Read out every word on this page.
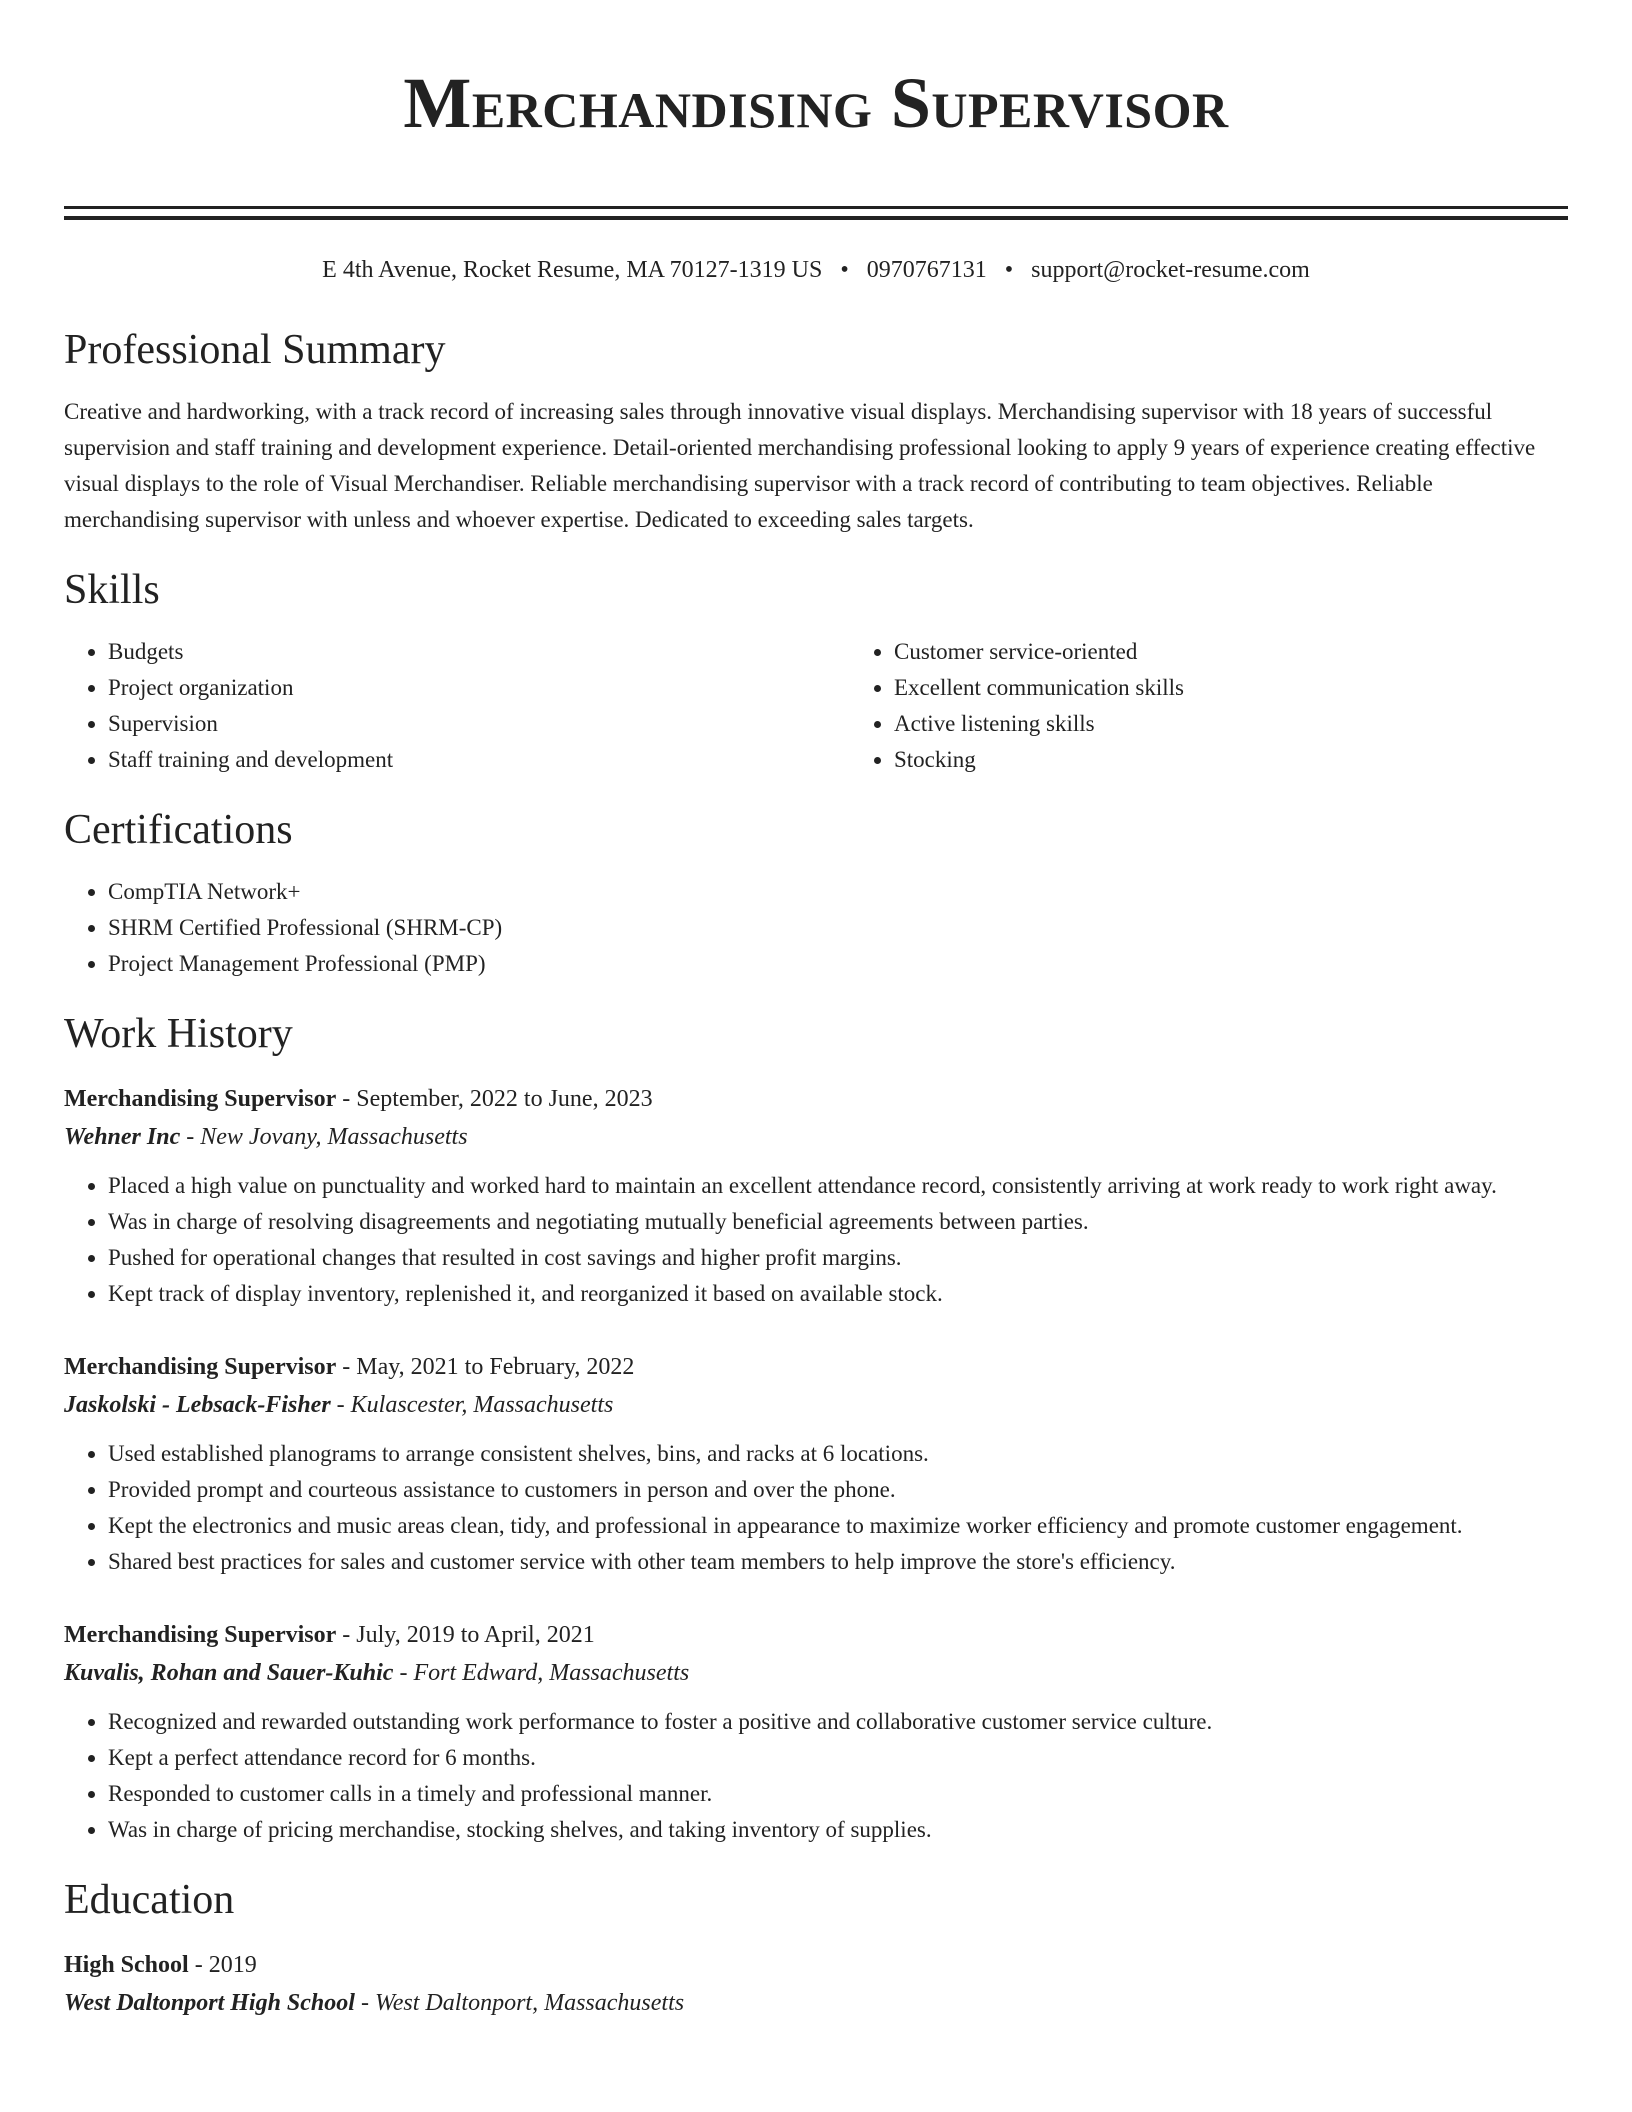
Merchandising Supervisor
E 4th Avenue, Rocket Resume, MA 70127-1319 US • 0970767131 • support@rocket-resume.com
Professional Summary

Creative and hardworking, with a track record of increasing sales through innovative visual displays. Merchandising supervisor with 18 years of successful supervision and staff training and development experience. Detail-oriented merchandising professional looking to apply 9 years of experience creating effective visual displays to the role of Visual Merchandiser. Reliable merchandising supervisor with a track record of contributing to team objectives. Reliable merchandising supervisor with unless and whoever expertise. Dedicated to exceeding sales targets.

Skills
• Budgets
• Project organization
• Supervision
• Staff training and development
• Customer service-oriented
• Excellent communication skills
• Active listening skills
• Stocking
Certifications
• CompTIA Network+
• SHRM Certified Professional (SHRM-CP)
• Project Management Professional (PMP)
Work History
Merchandising Supervisor - September, 2022 to June, 2023
Wehner Inc - New Jovany, Massachusetts
• Placed a high value on punctuality and worked hard to maintain an excellent attendance record, consistently arriving at work ready to work right away.
• Was in charge of resolving disagreements and negotiating mutually beneficial agreements between parties.
• Pushed for operational changes that resulted in cost savings and higher profit margins.
• Kept track of display inventory, replenished it, and reorganized it based on available stock.
Merchandising Supervisor - May, 2021 to February, 2022
Jaskolski - Lebsack-Fisher - Kulascester, Massachusetts
• Used established planograms to arrange consistent shelves, bins, and racks at 6 locations.
• Provided prompt and courteous assistance to customers in person and over the phone.
• Kept the electronics and music areas clean, tidy, and professional in appearance to maximize worker efficiency and promote customer engagement.
• Shared best practices for sales and customer service with other team members to help improve the store's efficiency.
Merchandising Supervisor - July, 2019 to April, 2021
Kuvalis, Rohan and Sauer-Kuhic - Fort Edward, Massachusetts
• Recognized and rewarded outstanding work performance to foster a positive and collaborative customer service culture.
• Kept a perfect attendance record for 6 months.
• Responded to customer calls in a timely and professional manner.
• Was in charge of pricing merchandise, stocking shelves, and taking inventory of supplies.
Education
High School - 2019
West Daltonport High School - West Daltonport, Massachusetts
